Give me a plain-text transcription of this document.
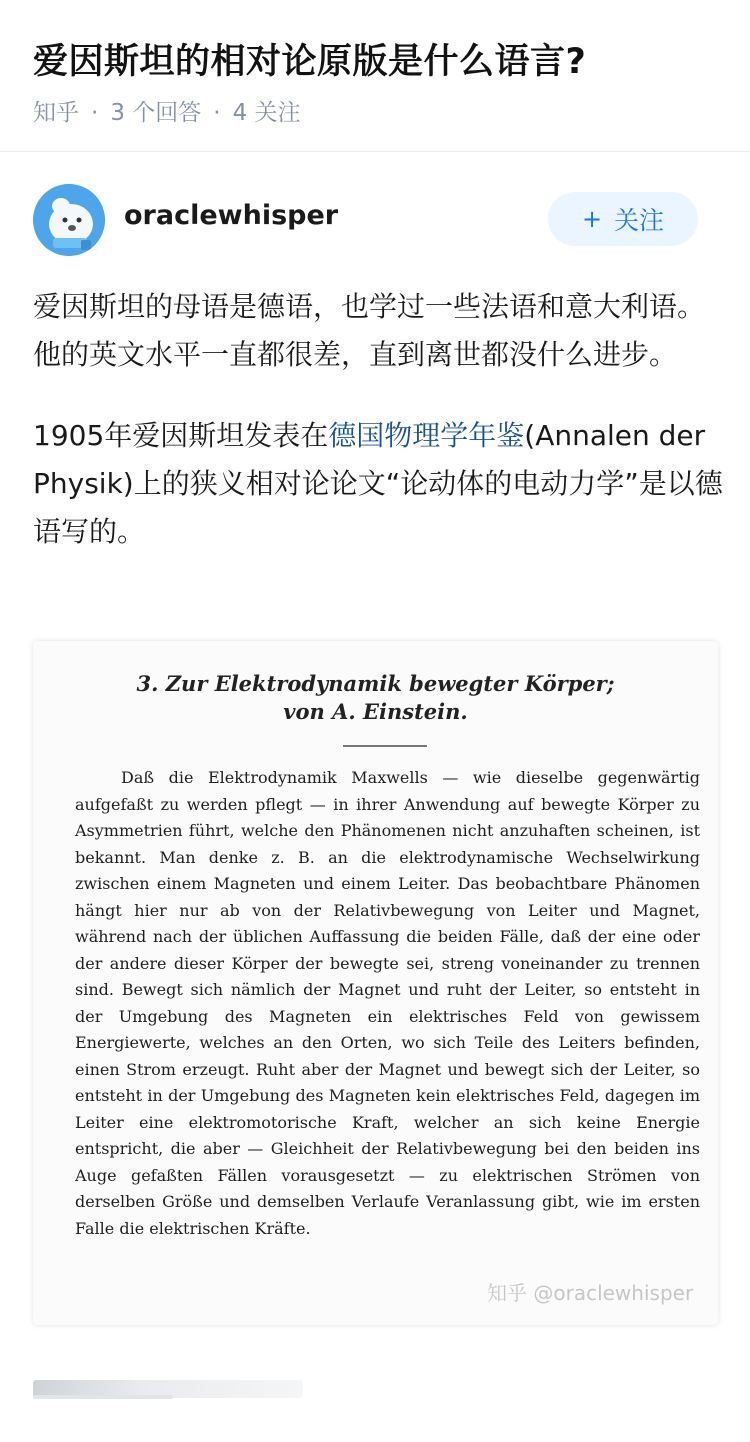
爱因斯坦的相对论原版是什么语言?
知乎 · 3 个回答 · 4 关注
oraclewhisper	+ 关注

爱因斯坦的母语是德语，也学过一些法语和意大利语。他的英文水平一直都很差，直到离世都没什么进步。

1905年爱因斯坦发表在德国物理学年鉴(Annalen der Physik)上的狭义相对论论文“论动体的电动力学”是以德语写的。

3. Zur Elektrodynamik bewegter Körper;
von A. Einstein.
Daß die Elektrodynamik Maxwells — wie dieselbe gegenwärtig aufgefaßt zu werden pflegt — in ihrer Anwendung auf bewegte Körper zu Asymmetrien führt, welche den Phänomenen nicht anzuhaften scheinen, ist bekannt. Man denke z. B. an die elektrodynamische Wechselwirkung zwischen einem Magneten und einem Leiter. Das beobachtbare Phänomen hängt hier nur ab von der Relativbewegung von Leiter und Magnet, während nach der üblichen Auffassung die beiden Fälle, daß der eine oder der andere dieser Körper der bewegte sei, streng voneinander zu trennen sind. Bewegt sich nämlich der Magnet und ruht der Leiter, so entsteht in der Umgebung des Magneten ein elektrisches Feld von gewissem Energiewerte, welches an den Orten, wo sich Teile des Leiters befinden, einen Strom erzeugt. Ruht aber der Magnet und bewegt sich der Leiter, so entsteht in der Umgebung des Magneten kein elektrisches Feld, dagegen im Leiter eine elektromotorische Kraft, welcher an sich keine Energie entspricht, die aber — Gleichheit der Relativbewegung bei den beiden ins Auge gefaßten Fällen vorausgesetzt — zu elektrischen Strömen von derselben Größe und demselben Verlaufe Veranlassung gibt, wie im ersten Falle die elektrischen Kräfte.
知乎 @oraclewhisper
